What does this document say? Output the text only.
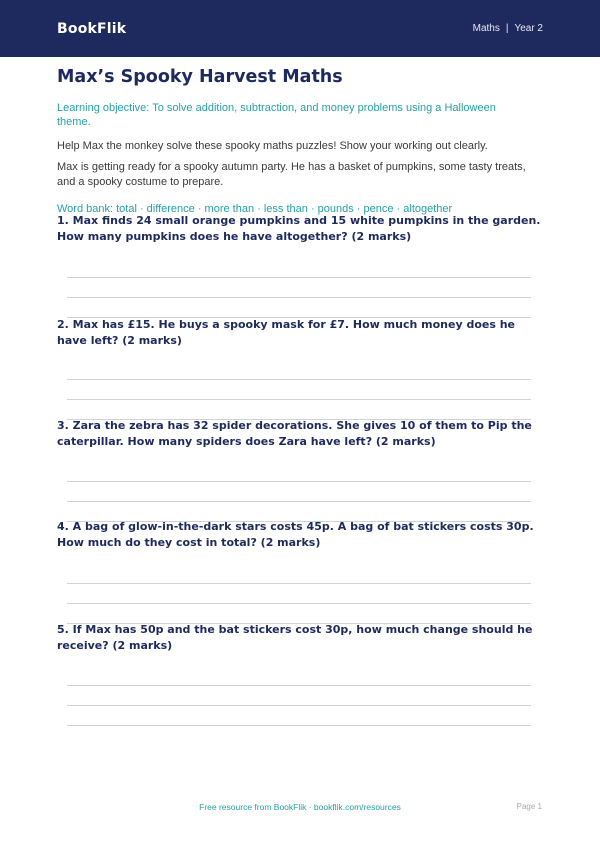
BookFlik	Maths | Year 2
Max’s Spooky Harvest Maths
Learning objective: To solve addition, subtraction, and money problems using a Halloween theme.
Help Max the monkey solve these spooky maths puzzles! Show your working out clearly.
Max is getting ready for a spooky autumn party. He has a basket of pumpkins, some tasty treats, and a spooky costume to prepare.
Word bank: total · difference · more than · less than · pounds · pence · altogether
1. Max finds 24 small orange pumpkins and 15 white pumpkins in the garden. How many pumpkins does he have altogether? (2 marks)
2. Max has £15. He buys a spooky mask for £7. How much money does he have left? (2 marks)
3. Zara the zebra has 32 spider decorations. She gives 10 of them to Pip the caterpillar. How many spiders does Zara have left? (2 marks)
4. A bag of glow-in-the-dark stars costs 45p. A bag of bat stickers costs 30p. How much do they cost in total? (2 marks)
5. If Max has 50p and the bat stickers cost 30p, how much change should he receive? (2 marks)
Free resource from BookFlik · bookflik.com/resources	Page 1
